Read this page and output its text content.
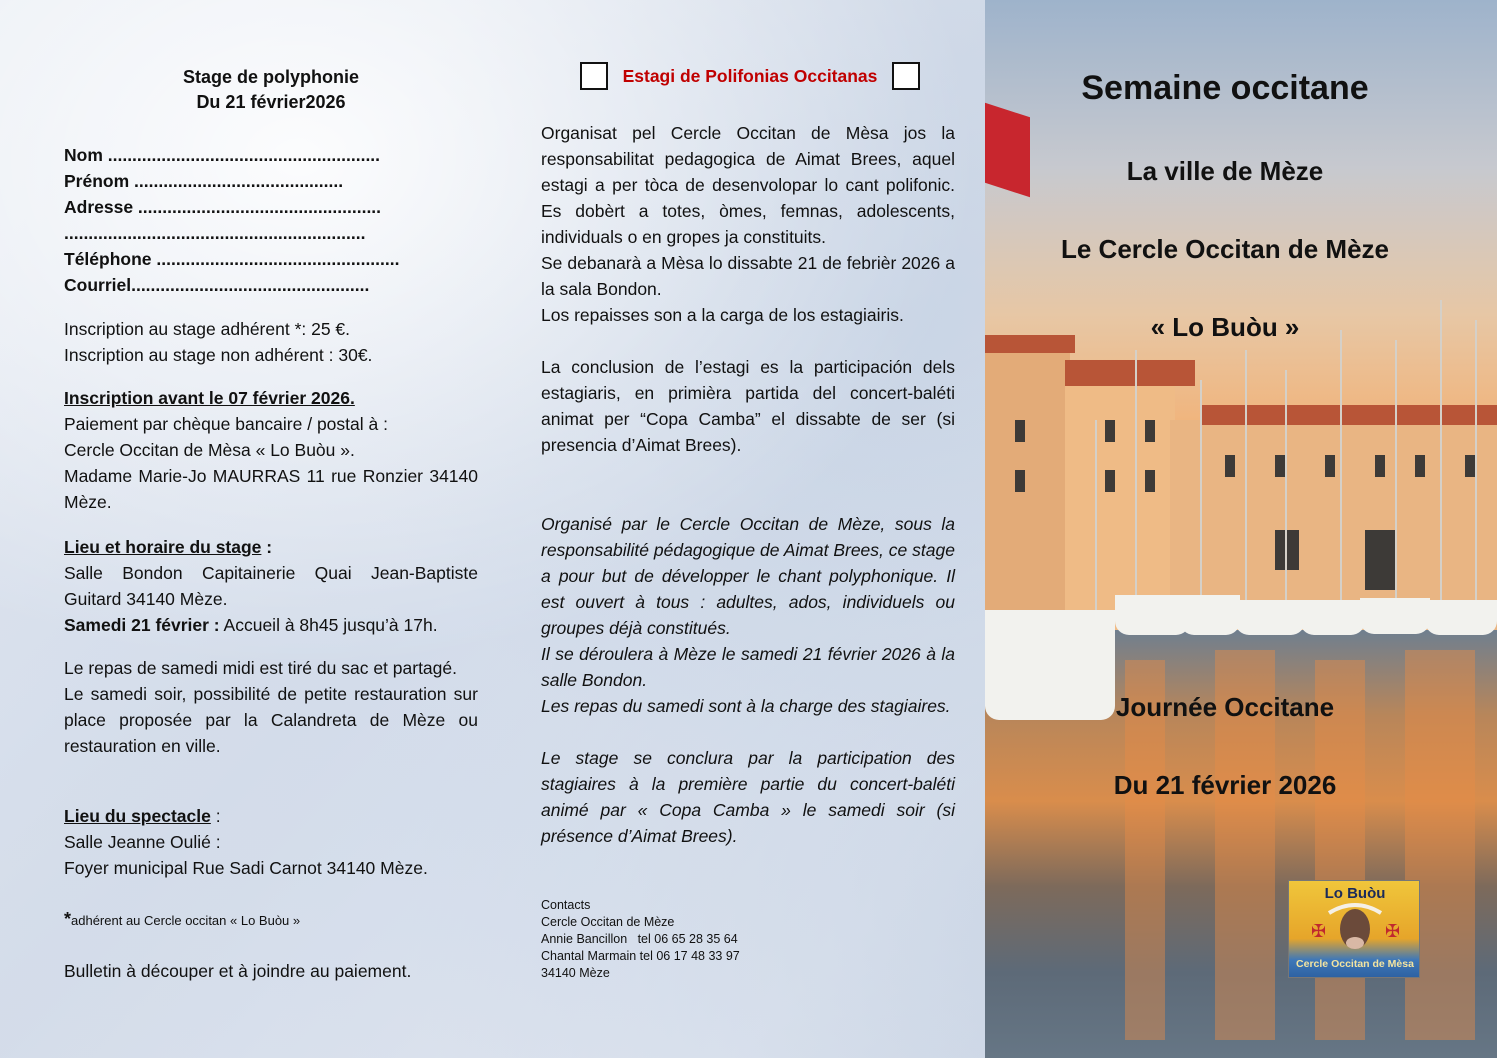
Stage de polyphonie
Du 21 février2026
Nom ........................................................
Prénom ...........................................
Adresse ..................................................
..............................................................
Téléphone ..................................................
Courriel.................................................
Inscription au stage adhérent *: 25 €.
Inscription au stage non adhérent : 30€.
Inscription avant le 07 février 2026.
Paiement par chèque bancaire / postal à :
Cercle Occitan de Mèsa « Lo Buòu ».
Madame Marie-Jo MAURRAS 11 rue Ronzier 34140 Mèze.
Lieu et horaire du stage :
Salle Bondon Capitainerie Quai Jean-Baptiste Guitard 34140 Mèze.
Samedi 21 février : Accueil à 8h45 jusqu’à 17h.
Le repas de samedi midi est tiré du sac et partagé.
Le samedi soir, possibilité de petite restauration sur place proposée par la Calandreta de Mèze ou restauration en ville.
Lieu du spectacle :
Salle Jeanne Oulié :
Foyer municipal Rue Sadi Carnot 34140 Mèze.
*adhérent au Cercle occitan « Lo Buòu »
Bulletin à découper et à joindre au paiement.
Estagi de Polifonias Occitanas
Organisat pel Cercle Occitan de Mèsa jos la responsabilitat pedagogica de Aimat Brees, aquel estagi a per tòca de desenvolopar lo cant polifonic. Es dobèrt a totes, òmes, femnas, adolescents, individuals o en gropes ja constituits.
Se debanarà a Mèsa lo dissabte 21 de febrièr 2026 a la sala Bondon.
Los repaisses son a la carga de los estagiairis.
La conclusion de l’estagi es la participación dels estagiaris, en primièra partida del concert-baléti animat per “Copa Camba” el dissabte de ser (si presencia d’Aimat Brees).
Organisé par le Cercle Occitan de Mèze, sous la responsabilité pédagogique de Aimat Brees, ce stage a pour but de développer le chant polyphonique. Il est ouvert à tous : adultes, ados, individuels ou groupes déjà constitués.
Il se déroulera à Mèze le samedi 21 février 2026 à la salle Bondon.
Les repas du samedi sont à la charge des stagiaires.
Le stage se conclura par la participation des stagiaires à la première partie du concert-baléti animé par « Copa Camba » le samedi soir (si présence d’Aimat Brees).
Contacts
Cercle Occitan de Mèze
Annie Bancillon   tel 06 65 28 35 64
Chantal Marmain tel 06 17 48 33 97
34140 Mèze
Semaine occitane
La ville de Mèze
Le Cercle Occitan de Mèze
« Lo Buòu »
Journée Occitane
Du 21 février 2026
Lo Buòu
✠	✠
Cercle Occitan de Mèsa
